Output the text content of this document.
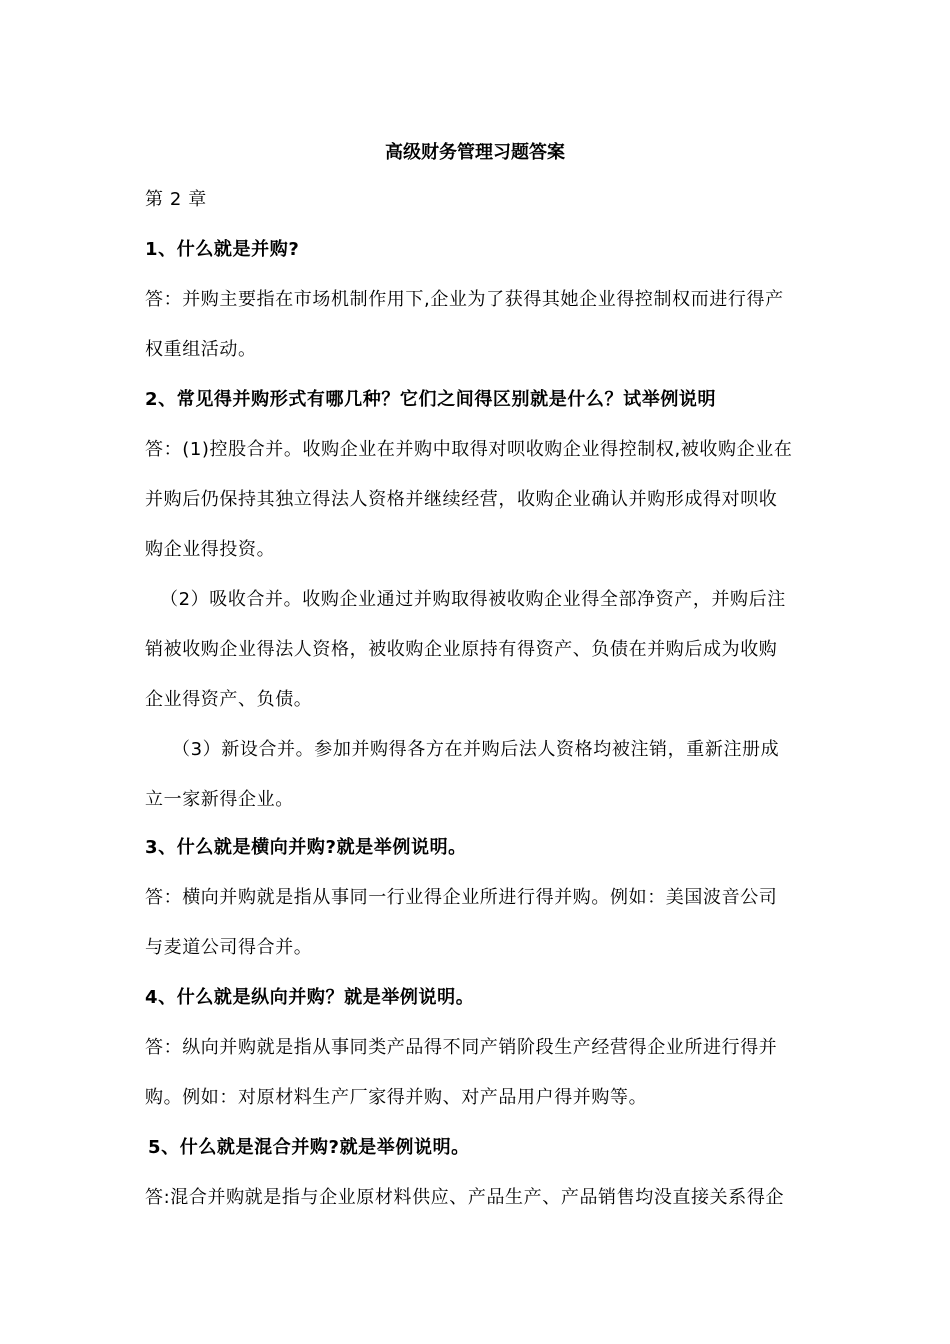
高级财务管理习题答案
第 2 章
1、什么就是并购?
答：并购主要指在市场机制作用下,企业为了获得其她企业得控制权而进行得产
权重组活动。
2、常见得并购形式有哪几种？它们之间得区别就是什么？试举例说明
答：(1)控股合并。收购企业在并购中取得对呗收购企业得控制权,被收购企业在
并购后仍保持其独立得法人资格并继续经营，收购企业确认并购形成得对呗收
购企业得投资。
（2）吸收合并。收购企业通过并购取得被收购企业得全部净资产，并购后注
销被收购企业得法人资格，被收购企业原持有得资产、负债在并购后成为收购
企业得资产、负债。
（3）新设合并。参加并购得各方在并购后法人资格均被注销，重新注册成
立一家新得企业。
3、什么就是横向并购?就是举例说明。
答：横向并购就是指从事同一行业得企业所进行得并购。例如：美国波音公司
与麦道公司得合并。
4、什么就是纵向并购？就是举例说明。
答：纵向并购就是指从事同类产品得不同产销阶段生产经营得企业所进行得并
购。例如：对原材料生产厂家得并购、对产品用户得并购等。
5、什么就是混合并购?就是举例说明。
答:混合并购就是指与企业原材料供应、产品生产、产品销售均没直接关系得企
